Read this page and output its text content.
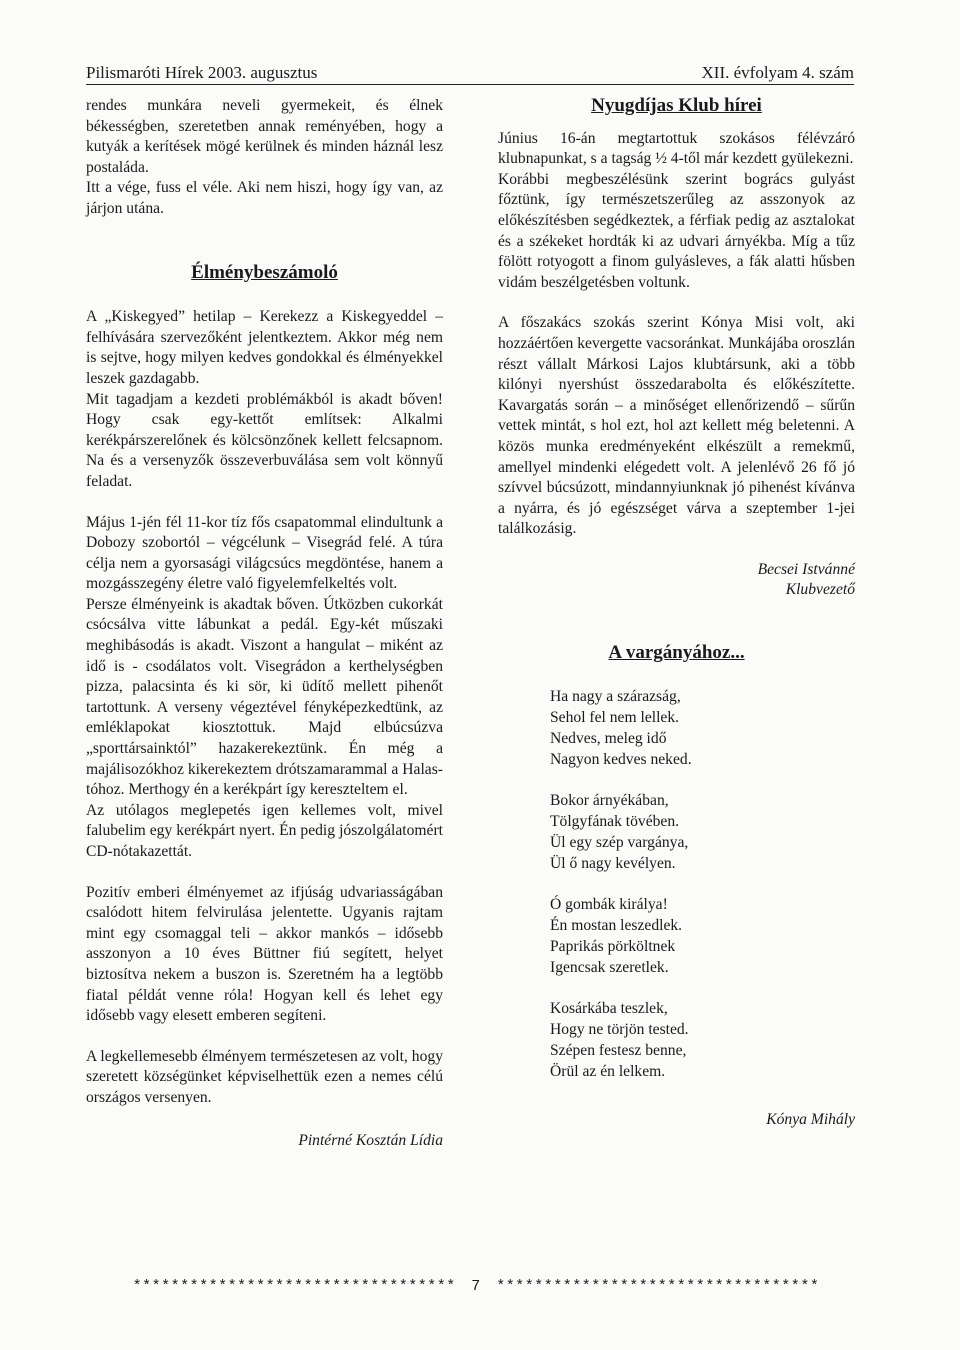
Pilismaróti Hírek 2003. augusztus	XII. évfolyam 4. szám

rendes munkára neveli gyermekeit, és élnek békességben, szeretetben annak reményében, hogy a kutyák a kerítések mögé kerülnek és minden háznál lesz postaláda.

Itt a vége, fuss el véle. Aki nem hiszi, hogy így van, az járjon utána.

Élménybeszámoló

A „Kiskegyed” hetilap – Kerekezz a Kiskegyeddel – felhívására szervezőként jelentkeztem. Akkor még nem is sejtve, hogy milyen kedves gondokkal és élményekkel leszek gazdagabb.

Mit tagadjam a kezdeti problémákból is akadt bőven! Hogy csak egy-kettőt említsek: Alkalmi kerékpárszerelőnek és kölcsönzőnek kellett felcsapnom. Na és a versenyzők összeverbuválása sem volt könnyű feladat.

Május 1-jén fél 11-kor tíz fős csapatommal elindultunk a Dobozy szobortól – végcélunk – Visegrád felé. A túra célja nem a gyorsasági világcsúcs megdöntése, hanem a mozgásszegény életre való figyelemfelkeltés volt.

Persze élményeink is akadtak bőven. Útközben cukorkát csócsálva vitte lábunkat a pedál. Egy-két műszaki meghibásodás is akadt. Viszont a hangulat – miként az idő is - csodálatos volt. Visegrádon a kerthelységben pizza, palacsinta és ki sör, ki üdítő mellett pihenőt tartottunk. A verseny végeztével fényképezkedtünk, az emléklapokat kiosztottuk. Majd elbúcsúzva „sporttársainktól” hazakerekeztünk. Én még a majálisozókhoz kikerekeztem drótszamarammal a Halas-tóhoz. Merthogy én a kerékpárt így kereszteltem el.

Az utólagos meglepetés igen kellemes volt, mivel falubelim egy kerékpárt nyert. Én pedig jószolgálatomért CD-nótakazettát.

Pozitív emberi élményemet az ifjúság udvariasságában csalódott hitem felvirulása jelentette. Ugyanis rajtam mint egy csomaggal teli – akkor mankós – idősebb asszonyon a 10 éves Büttner fiú segített, helyet biztosítva nekem a buszon is. Szeretném ha a legtöbb fiatal példát venne róla! Hogyan kell és lehet egy idősebb vagy elesett emberen segíteni.

A legkellemesebb élményem természetesen az volt, hogy szeretett községünket képviselhettük ezen a nemes célú országos versenyen.

Pintérné Kosztán Lídia

Nyugdíjas Klub hírei

Június 16-án megtartottuk szokásos félévzáró klubnapunkat, s a tagság ½ 4-től már kezdett gyülekezni.

Korábbi megbeszélésünk szerint bogrács gulyást főztünk, így természetszerűleg az asszonyok az előkészítésben segédkeztek, a férfiak pedig az asztalokat és a székeket hordták ki az udvari árnyékba. Míg a tűz fölött rotyogott a finom gulyásleves, a fák alatti hűsben vidám beszélgetésben voltunk.

A főszakács szokás szerint Kónya Misi volt, aki hozzáértően kevergette vacsoránkat. Munkájába oroszlán részt vállalt Márkosi Lajos klubtársunk, aki a több kilónyi nyershúst összedarabolta és előkészítette. Kavargatás során – a minőséget ellenőrizendő – sűrűn vettek mintát, s hol ezt, hol azt kellett még beletenni. A közös munka eredményeként elkészült a remekmű, amellyel mindenki elégedett volt. A jelenlévő 26 fő jó szívvel búcsúzott, mindannyiunknak jó pihenést kívánva a nyárra, és jó egészséget várva a szeptember 1-jei találkozásig.

Becsei Istvánné

Klubvezető

A vargányához...

Ha nagy a szárazság,

Sehol fel nem lellek.

Nedves, meleg idő

Nagyon kedves neked.

Bokor árnyékában,

Tölgyfának tövében.

Ül egy szép vargánya,

Ül ő nagy kevélyen.

Ó gombák királya!

Én mostan leszedlek.

Paprikás pörköltnek

Igencsak szeretlek.

Kosárkába teszlek,

Hogy ne törjön tested.

Szépen festesz benne,

Örül az én lelkem.

Kónya Mihály

********************************** 7 **********************************
